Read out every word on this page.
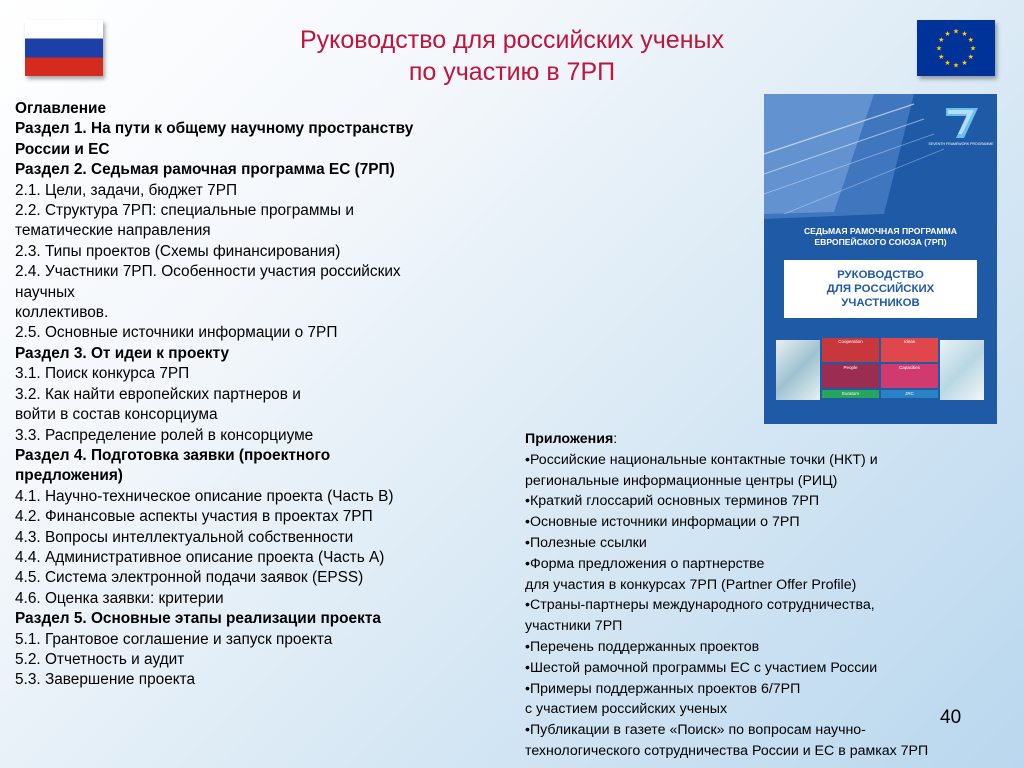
★ ★
★
★
★
★
★
★
★
★
★
★
Руководство для российских ученых
по участию в 7РП
Оглавление
Раздел 1. На пути к общему научному пространству
России и ЕС
Раздел 2. Седьмая рамочная программа ЕС (7РП)
2.1. Цели, задачи, бюджет 7РП
2.2. Структура 7РП: специальные программы и
тематические направления
2.3. Типы проектов (Схемы финансирования)
2.4. Участники 7РП. Особенности участия российских
научных
коллективов.
2.5. Основные источники информации о 7РП
Раздел 3. От идеи к проекту
3.1. Поиск конкурса 7РП
3.2. Как найти европейских партнеров и
войти в состав консорциума
3.3. Распределение ролей в консорциуме
Раздел 4. Подготовка заявки (проектного
предложения)
4.1. Научно-техническое описание проекта (Часть В)
4.2. Финансовые аспекты участия в проектах 7РП
4.3. Вопросы интеллектуальной собственности
4.4. Административное описание проекта (Часть А)
4.5. Система электронной подачи заявок (EPSS)
4.6. Оценка заявки: критерии
Раздел 5. Основные этапы реализации проекта
5.1. Грантовое соглашение и запуск проекта
5.2. Отчетность и аудит
5.3. Завершение проекта
SEVENTH FRAMEWORK PROGRAMME
СЕДЬМАЯ РАМОЧНАЯ ПРОГРАММА
ЕВРОПЕЙСКОГО СОЮЗА (7РП)
РУКОВОДСТВО
ДЛЯ РОССИЙСКИХ
УЧАСТНИКОВ
Cooperation	Ideas
People	Capacities
Euratom	JRC
Приложения:
•Российские национальные контактные точки (НКТ) и
региональные информационные центры (РИЦ)
•Краткий глоссарий основных терминов 7РП
•Основные источники информации о 7РП
•Полезные ссылки
•Форма предложения о партнерстве
для участия в конкурсах 7РП (Partner Offer Profile)
•Страны-партнеры международного сотрудничества,
участники 7РП
•Перечень поддержанных проектов
•Шестой рамочной программы ЕС с участием России
•Примеры поддержанных проектов 6/7РП
с участием российских ученых
•Публикации в газете «Поиск» по вопросам научно-
технологического сотрудничества России и ЕС в рамках 7РП
40
